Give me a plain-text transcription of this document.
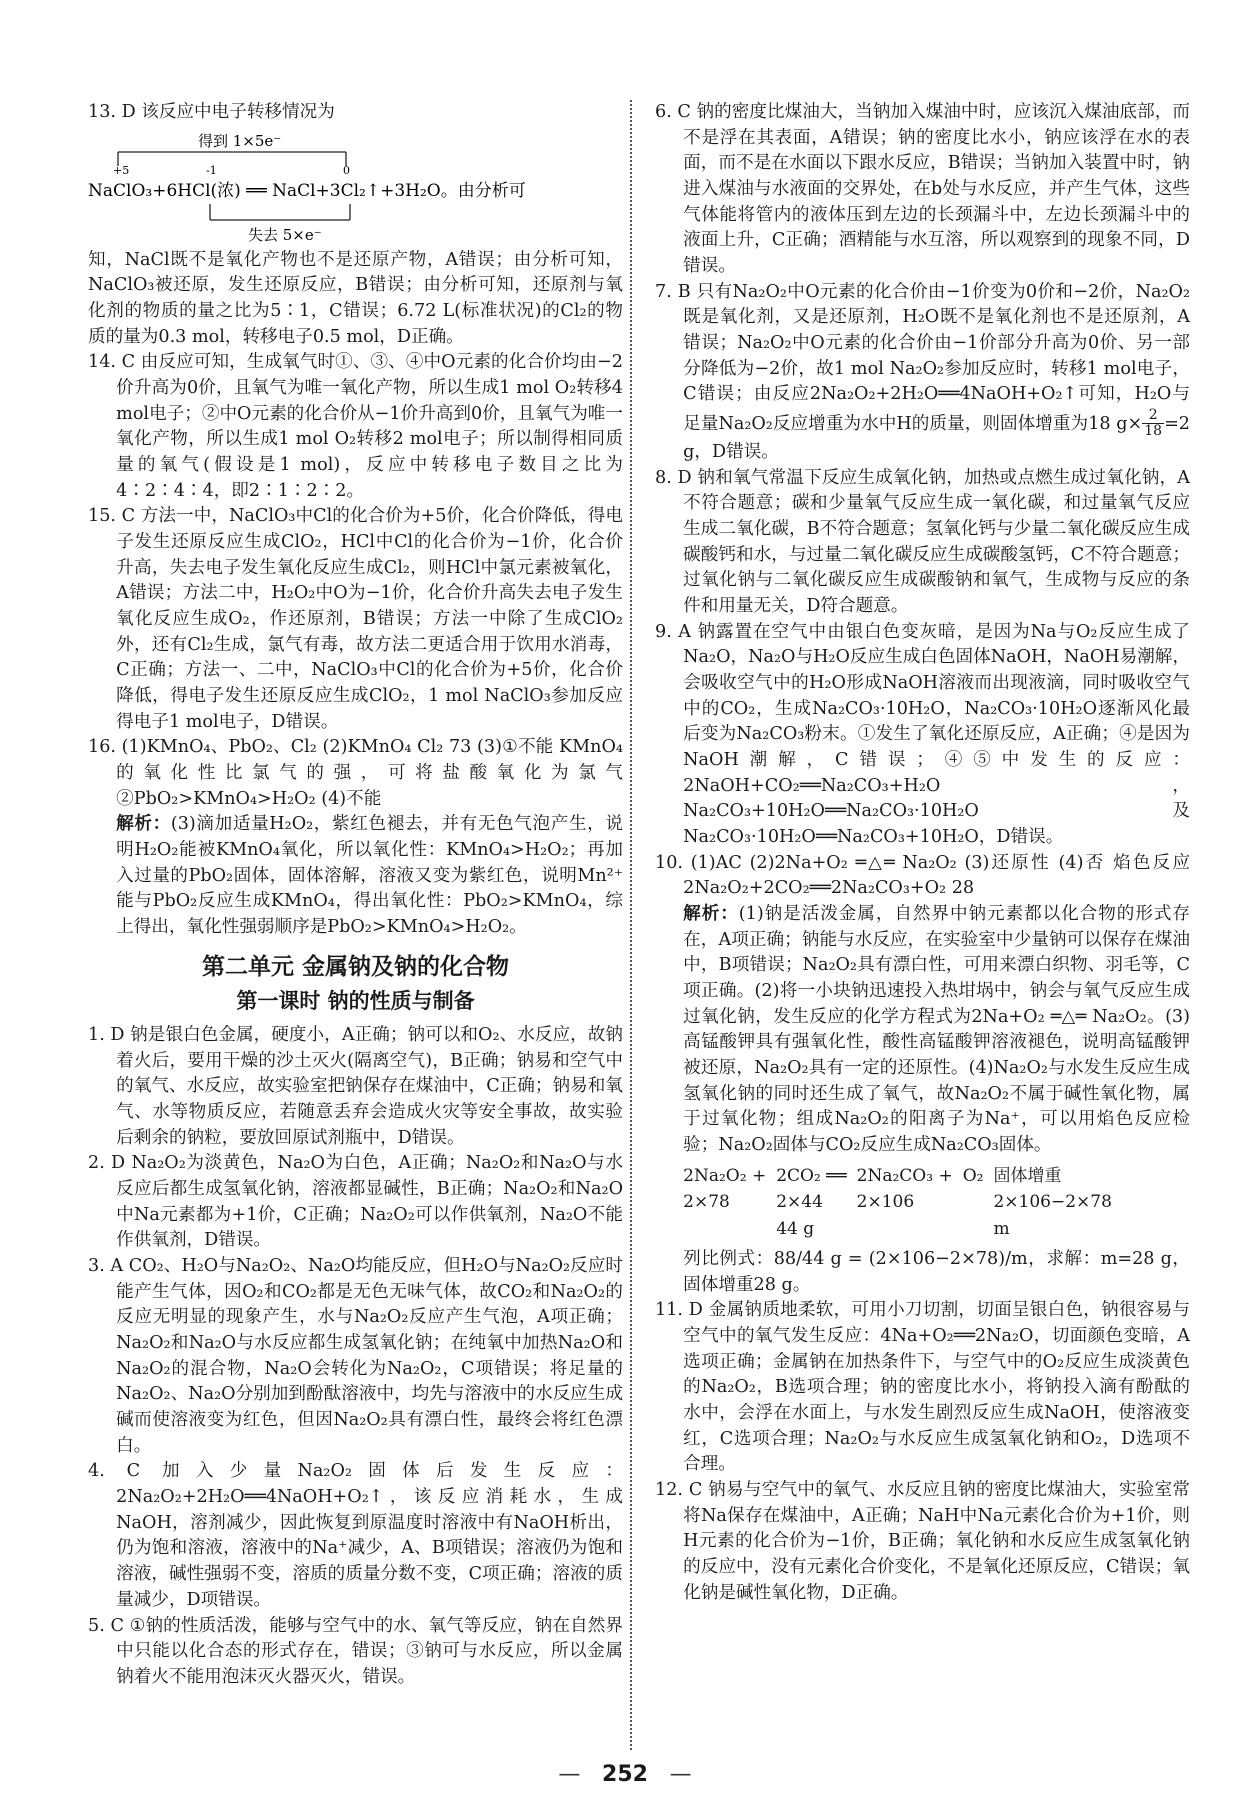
13. D 该反应中电子转移情况为

得到 1×5e⁻
+5	-1	0
NaClO₃+6HCl(浓) ══ NaCl+3Cl₂↑+3H₂O。由分析可
失去 5×e⁻

知，NaCl既不是氧化产物也不是还原产物，A错误；由分析可知，NaClO₃被还原，发生还原反应，B错误；由分析可知，还原剂与氧化剂的物质的量之比为5∶1，C错误；6.72 L(标准状况)的Cl₂的物质的量为0.3 mol，转移电子0.5 mol，D正确。

14. C 由反应可知，生成氧气时①、③、④中O元素的化合价均由−2价升高为0价，且氧气为唯一氧化产物，所以生成1 mol O₂转移4 mol电子；②中O元素的化合价从−1价升高到0价，且氧气为唯一氧化产物，所以生成1 mol O₂转移2 mol电子；所以制得相同质量的氧气(假设是1 mol)，反应中转移电子数目之比为4∶2∶4∶4，即2∶1∶2∶2。

15. C 方法一中，NaClO₃中Cl的化合价为+5价，化合价降低，得电子发生还原反应生成ClO₂，HCl中Cl的化合价为−1价，化合价升高，失去电子发生氧化反应生成Cl₂，则HCl中氯元素被氧化，A错误；方法二中，H₂O₂中O为−1价，化合价升高失去电子发生氧化反应生成O₂，作还原剂，B错误；方法一中除了生成ClO₂外，还有Cl₂生成，氯气有毒，故方法二更适合用于饮用水消毒，C正确；方法一、二中，NaClO₃中Cl的化合价为+5价，化合价降低，得电子发生还原反应生成ClO₂，1 mol NaClO₃参加反应得电子1 mol电子，D错误。

16. (1)KMnO₄、PbO₂、Cl₂ (2)KMnO₄ Cl₂ 73 (3)①不能 KMnO₄的氧化性比氯气的强，可将盐酸氧化为氯气 ②PbO₂>KMnO₄>H₂O₂ (4)不能

解析：(3)滴加适量H₂O₂，紫红色褪去，并有无色气泡产生，说明H₂O₂能被KMnO₄氧化，所以氧化性：KMnO₄>H₂O₂；再加入过量的PbO₂固体，固体溶解，溶液又变为紫红色，说明Mn²⁺能与PbO₂反应生成KMnO₄，得出氧化性：PbO₂>KMnO₄，综上得出，氧化性强弱顺序是PbO₂>KMnO₄>H₂O₂。

第二单元 金属钠及钠的化合物
第一课时 钠的性质与制备

1. D 钠是银白色金属，硬度小，A正确；钠可以和O₂、水反应，故钠着火后，要用干燥的沙土灭火(隔离空气)，B正确；钠易和空气中的氧气、水反应，故实验室把钠保存在煤油中，C正确；钠易和氧气、水等物质反应，若随意丢弃会造成火灾等安全事故，故实验后剩余的钠粒，要放回原试剂瓶中，D错误。

2. D Na₂O₂为淡黄色，Na₂O为白色，A正确；Na₂O₂和Na₂O与水反应后都生成氢氧化钠，溶液都显碱性，B正确；Na₂O₂和Na₂O中Na元素都为+1价，C正确；Na₂O₂可以作供氧剂，Na₂O不能作供氧剂，D错误。

3. A CO₂、H₂O与Na₂O₂、Na₂O均能反应，但H₂O与Na₂O₂反应时能产生气体，因O₂和CO₂都是无色无味气体，故CO₂和Na₂O₂的反应无明显的现象产生，水与Na₂O₂反应产生气泡，A项正确；Na₂O₂和Na₂O与水反应都生成氢氧化钠；在纯氧中加热Na₂O和Na₂O₂的混合物，Na₂O会转化为Na₂O₂，C项错误；将足量的Na₂O₂、Na₂O分别加到酚酞溶液中，均先与溶液中的水反应生成碱而使溶液变为红色，但因Na₂O₂具有漂白性，最终会将红色漂白。

4. C 加入少量Na₂O₂固体后发生反应：2Na₂O₂+2H₂O══4NaOH+O₂↑，该反应消耗水，生成NaOH，溶剂减少，因此恢复到原温度时溶液中有NaOH析出，仍为饱和溶液，溶液中的Na⁺减少，A、B项错误；溶液仍为饱和溶液，碱性强弱不变，溶质的质量分数不变，C项正确；溶液的质量减少，D项错误。

5. C ①钠的性质活泼，能够与空气中的水、氧气等反应，钠在自然界中只能以化合态的形式存在，错误；③钠可与水反应，所以金属钠着火不能用泡沫灭火器灭火，错误。

6. C 钠的密度比煤油大，当钠加入煤油中时，应该沉入煤油底部，而不是浮在其表面，A错误；钠的密度比水小，钠应该浮在水的表面，而不是在水面以下跟水反应，B错误；当钠加入装置中时，钠进入煤油与水液面的交界处，在b处与水反应，并产生气体，这些气体能将管内的液体压到左边的长颈漏斗中，左边长颈漏斗中的液面上升，C正确；酒精能与水互溶，所以观察到的现象不同，D错误。

7. B 只有Na₂O₂中O元素的化合价由−1价变为0价和−2价，Na₂O₂既是氧化剂，又是还原剂，H₂O既不是氧化剂也不是还原剂，A错误；Na₂O₂中O元素的化合价由−1价部分升高为0价、另一部分降低为−2价，故1 mol Na₂O₂参加反应时，转移1 mol电子，C错误；由反应2Na₂O₂+2H₂O══4NaOH+O₂↑可知，H₂O与足量Na₂O₂反应增重为水中H的质量，则固体增重为18 $g\times \frac{2}{18} =2$ g，D错误。

8. D 钠和氧气常温下反应生成氧化钠，加热或点燃生成过氧化钠，A不符合题意；碳和少量氧气反应生成一氧化碳，和过量氧气反应生成二氧化碳，B不符合题意；氢氧化钙与少量二氧化碳反应生成碳酸钙和水，与过量二氧化碳反应生成碳酸氢钙，C不符合题意；过氧化钠与二氧化碳反应生成碳酸钠和氧气，生成物与反应的条件和用量无关，D符合题意。

9. A 钠露置在空气中由银白色变灰暗，是因为Na与O₂反应生成了Na₂O，Na₂O与H₂O反应生成白色固体NaOH，NaOH易潮解，会吸收空气中的H₂O形成NaOH溶液而出现液滴，同时吸收空气中的CO₂，生成Na₂CO₃·10H₂O，Na₂CO₃·10H₂O逐渐风化最后变为Na₂CO₃粉末。①发生了氧化还原反应，A正确；④是因为NaOH潮解，C错误；④⑤中发生的反应：2NaOH+CO₂══Na₂CO₃+H₂O，Na₂CO₃+10H₂O══Na₂CO₃·10H₂O及Na₂CO₃·10H₂O══Na₂CO₃+10H₂O，D错误。

10. (1)AC (2)2Na+O₂ ═△═ Na₂O₂ (3)还原性 (4)否 焰色反应 2Na₂O₂+2CO₂══2Na₂CO₃+O₂ 28

解析：(1)钠是活泼金属，自然界中钠元素都以化合物的形式存在，A项正确；钠能与水反应，在实验室中少量钠可以保存在煤油中，B项错误；Na₂O₂具有漂白性，可用来漂白织物、羽毛等，C项正确。(2)将一小块钠迅速投入热坩埚中，钠会与氧气反应生成过氧化钠，发生反应的化学方程式为2Na+O₂ ═△═ Na₂O₂。(3)高锰酸钾具有强氧化性，酸性高锰酸钾溶液褪色，说明高锰酸钾被还原，Na₂O₂具有一定的还原性。(4)Na₂O₂与水发生反应生成氢氧化钠的同时还生成了氧气，故Na₂O₂不属于碱性氧化物，属于过氧化物；组成Na₂O₂的阳离子为Na⁺，可以用焰色反应检验；Na₂O₂固体与CO₂反应生成Na₂CO₃固体。

2Na₂O₂ +	2CO₂ ══	2Na₂CO₃ +	O₂	固体增重
2×78	2×44	2×106		2×106−2×78
	44 g			m

列比例式：88/44 g = (2×106−2×78)/m，求解：m=28 g，固体增重28 g。

11. D 金属钠质地柔软，可用小刀切割，切面呈银白色，钠很容易与空气中的氧气发生反应：4Na+O₂══2Na₂O，切面颜色变暗，A选项正确；金属钠在加热条件下，与空气中的O₂反应生成淡黄色的Na₂O₂，B选项合理；钠的密度比水小，将钠投入滴有酚酞的水中，会浮在水面上，与水发生剧烈反应生成NaOH，使溶液变红，C选项合理；Na₂O₂与水反应生成氢氧化钠和O₂，D选项不合理。

12. C 钠易与空气中的氧气、水反应且钠的密度比煤油大，实验室常将Na保存在煤油中，A正确；NaH中Na元素化合价为+1价，则H元素的化合价为−1价，B正确；氧化钠和水反应生成氢氧化钠的反应中，没有元素化合价变化，不是氧化还原反应，C错误；氧化钠是碱性氧化物，D正确。

— 252 —
